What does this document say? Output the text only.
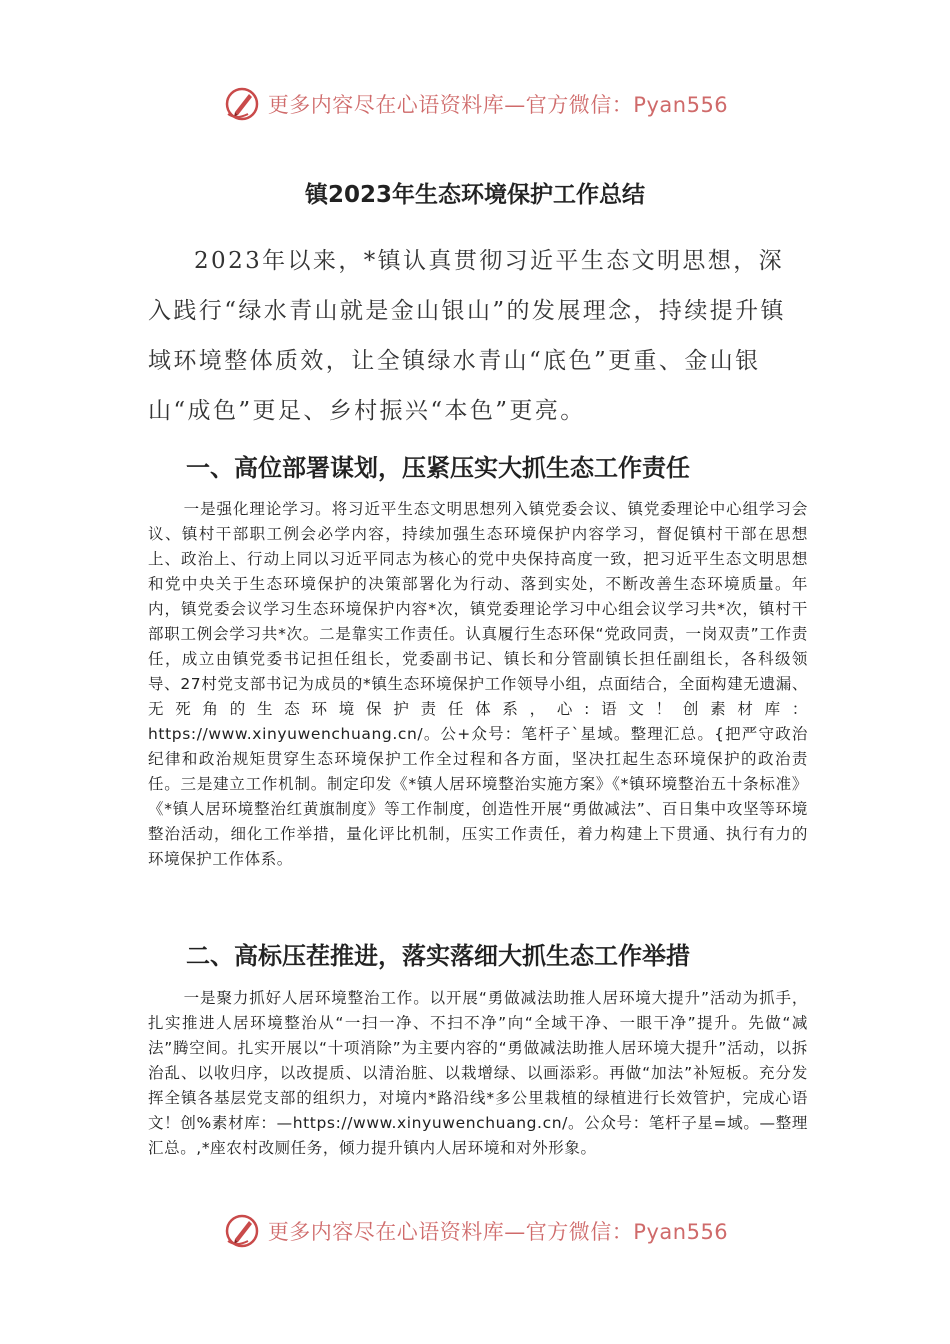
更多内容尽在心语资料库—官方微信：Pyan556
镇2023年生态环境保护工作总结

2023年以来，*镇认真贯彻习近平生态文明思想，深入践行“绿水青山就是金山银山”的发展理念，持续提升镇域环境整体质效，让全镇绿水青山“底色”更重、金山银山“成色”更足、乡村振兴“本色”更亮。

一、高位部署谋划，压紧压实大抓生态工作责任

一是强化理论学习。将习近平生态文明思想列入镇党委会议、镇党委理论中心组学习会议、镇村干部职工例会必学内容，持续加强生态环境保护内容学习，督促镇村干部在思想上、政治上、行动上同以习近平同志为核心的党中央保持高度一致，把习近平生态文明思想和党中央关于生态环境保护的决策部署化为行动、落到实处，不断改善生态环境质量。年内，镇党委会议学习生态环境保护内容*次，镇党委理论学习中心组会议学习共*次，镇村干部职工例会学习共*次。二是靠实工作责任。认真履行生态环保“党政同责，一岗双责”工作责任，成立由镇党委书记担任组长，党委副书记、镇长和分管副镇长担任副组长，各科级领导、27村党支部书记为成员的*镇生态环境保护工作领导小组，点面结合，全面构建无遗漏、无死角的生态环境保护责任体系，心:语文！创素材库：https://www.xinyuwenchuang.cn/。公+众号：笔杆子`星域。整理汇总。{把严守政治纪律和政治规矩贯穿生态环境保护工作全过程和各方面，坚决扛起生态环境保护的政治责任。三是建立工作机制。制定印发《*镇人居环境整治实施方案》《*镇环境整治五十条标准》《*镇人居环境整治红黄旗制度》等工作制度，创造性开展“勇做减法”、百日集中攻坚等环境整治活动，细化工作举措，量化评比机制，压实工作责任，着力构建上下贯通、执行有力的环境保护工作体系。

二、高标压茬推进，落实落细大抓生态工作举措

一是聚力抓好人居环境整治工作。以开展“勇做减法助推人居环境大提升”活动为抓手，扎实推进人居环境整治从“一扫一净、不扫不净”向“全域干净、一眼干净”提升。先做“减法”腾空间。扎实开展以“十项消除”为主要内容的“勇做减法助推人居环境大提升”活动，以拆治乱、以收归序，以改提质、以清治脏、以栽增绿、以画添彩。再做“加法”补短板。充分发挥全镇各基层党支部的组织力，对境内*路沿线*多公里栽植的绿植进行长效管护，完成心语文！创%素材库：—https://www.xinyuwenchuang.cn/。公众号：笔杆子星=域。—整理汇总。,*座农村改厕任务，倾力提升镇内人居环境和对外形象。

更多内容尽在心语资料库—官方微信：Pyan556
